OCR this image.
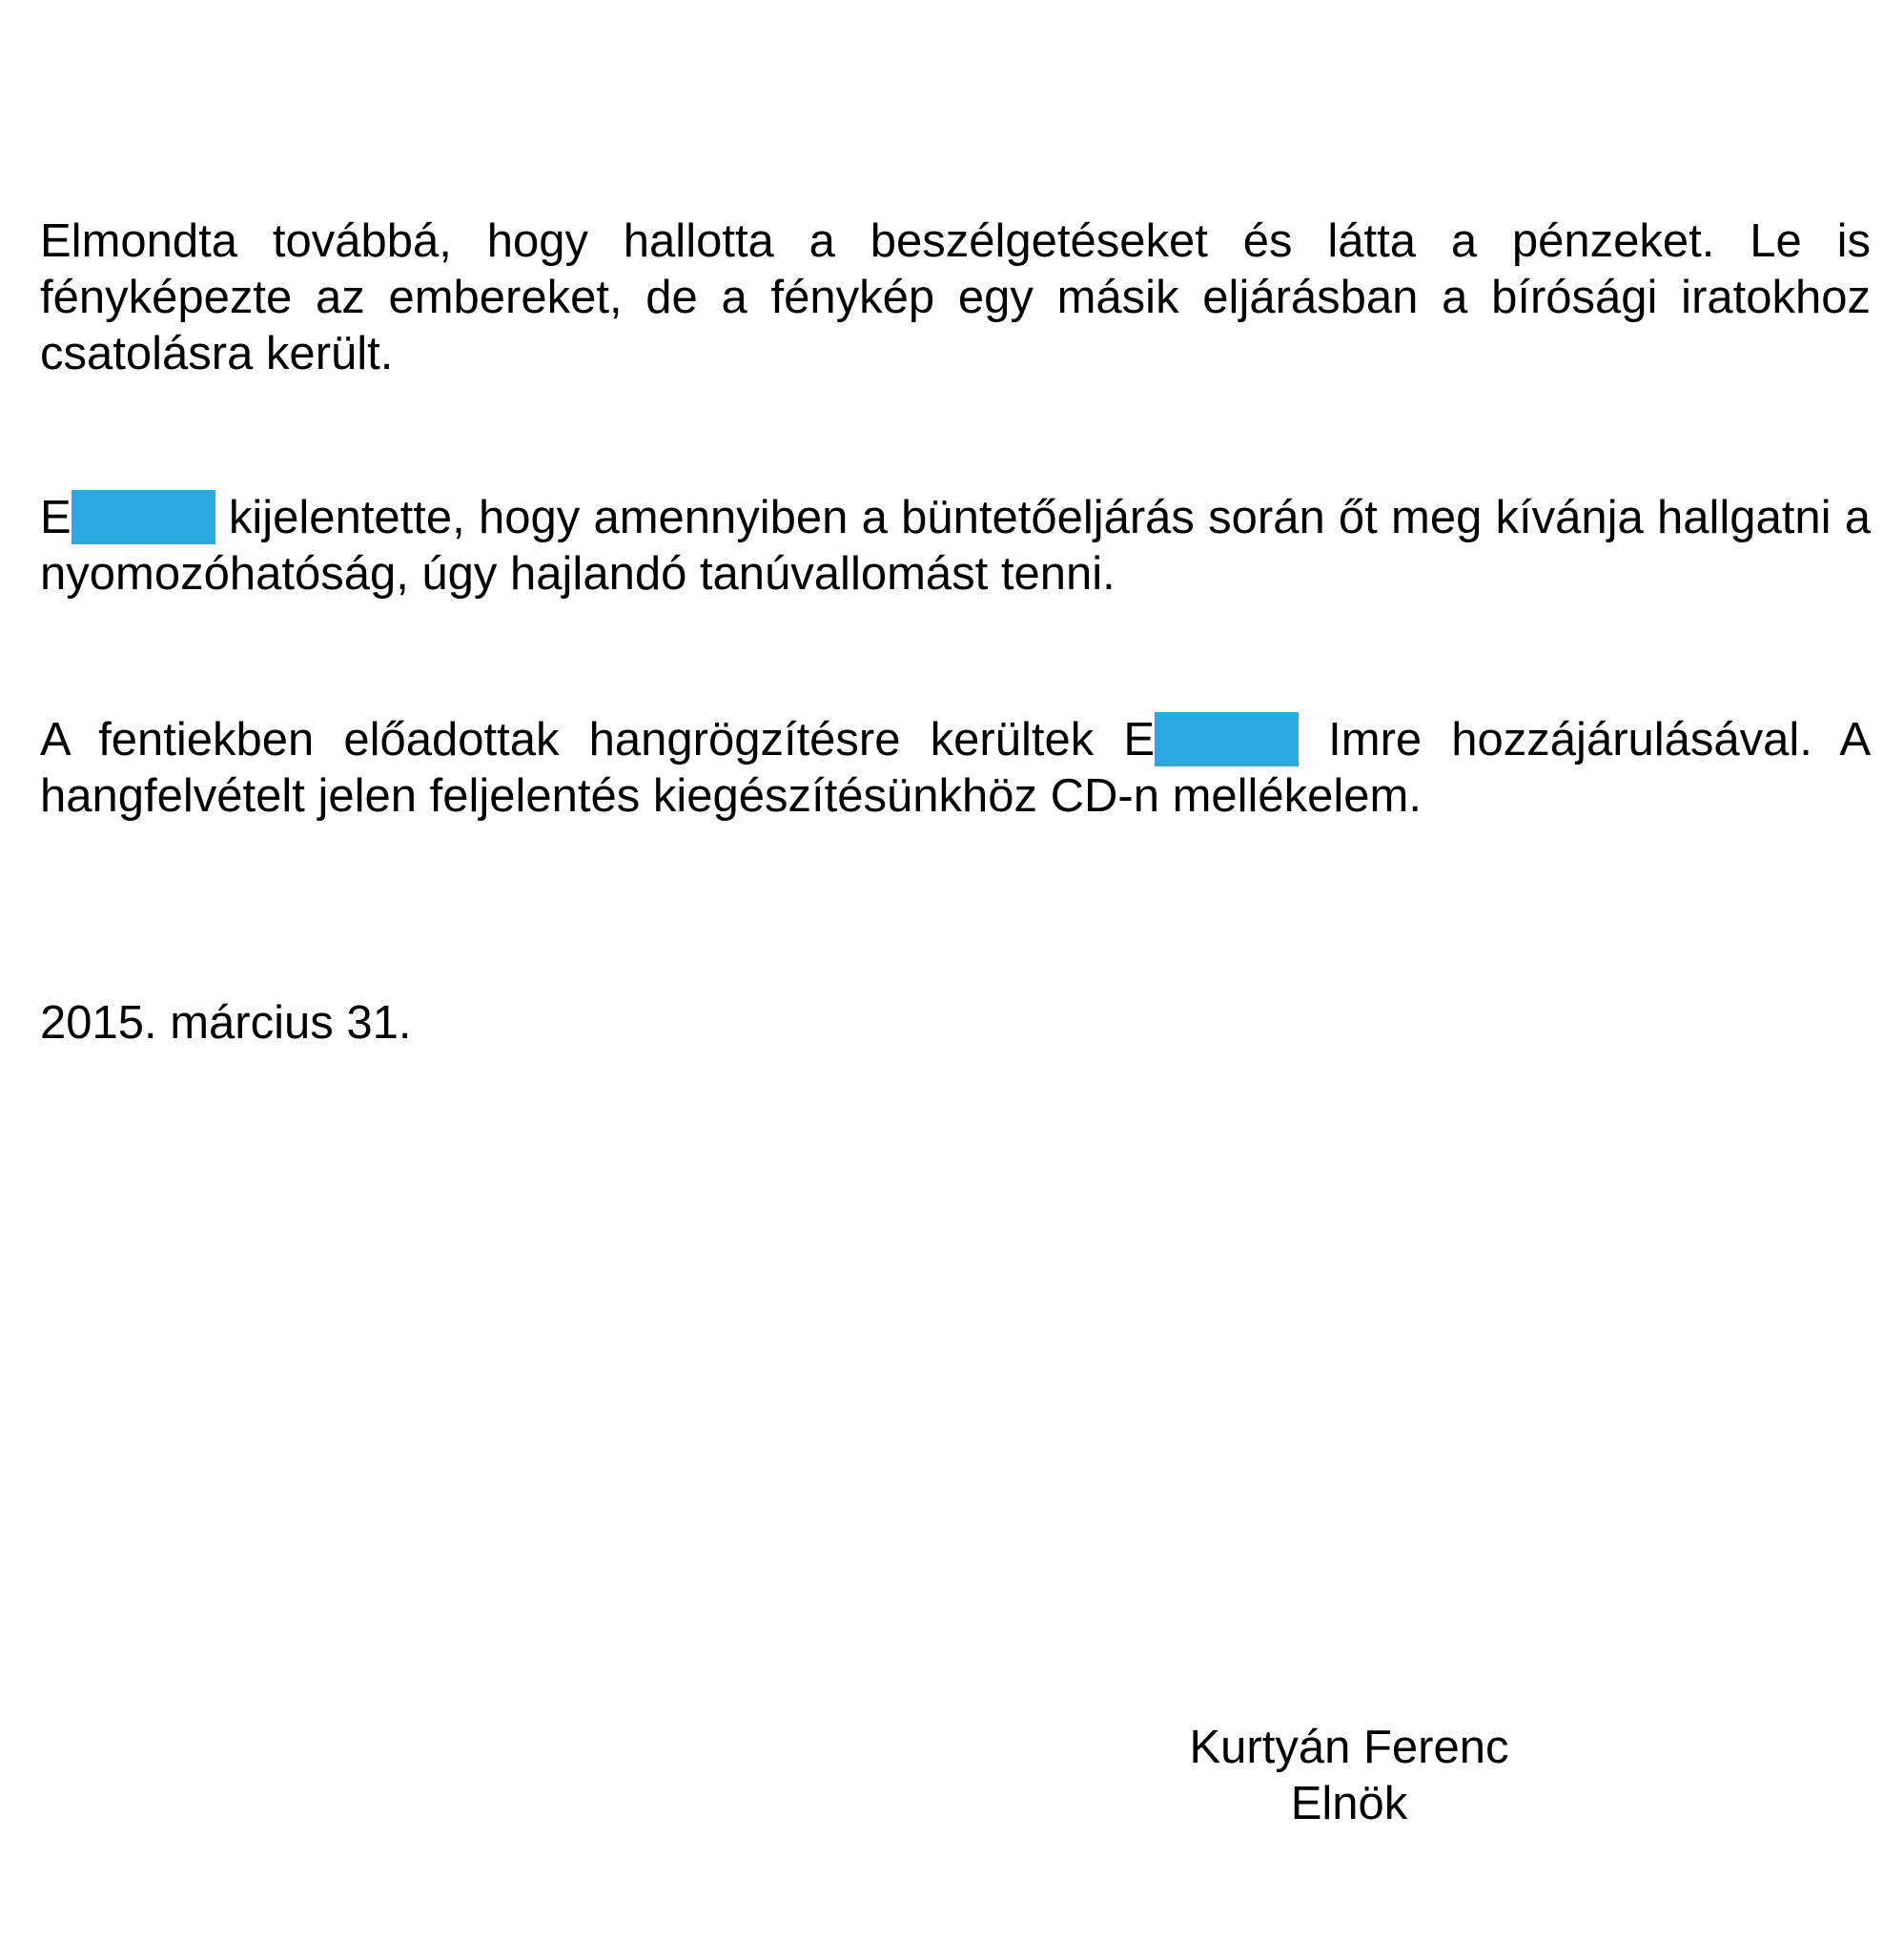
Elmondta továbbá, hogy hallotta a beszélgetéseket és látta a pénzeket. Le is fényképezte az embereket, de a fénykép egy másik eljárásban a bírósági iratokhoz csatolásra került.

E	kijelentette, hogy amennyiben a büntetőeljárás során őt meg kívánja hallgatni a nyomozóhatóság, úgy hajlandó tanúvallomást tenni.

A fentiekben előadottak hangrögzítésre kerültek E	Imre hozzájárulásával. A hangfelvételt jelen feljelentés kiegészítésünkhöz CD-n mellékelem.

2015. március 31.

Kurtyán Ferenc
Elnök
